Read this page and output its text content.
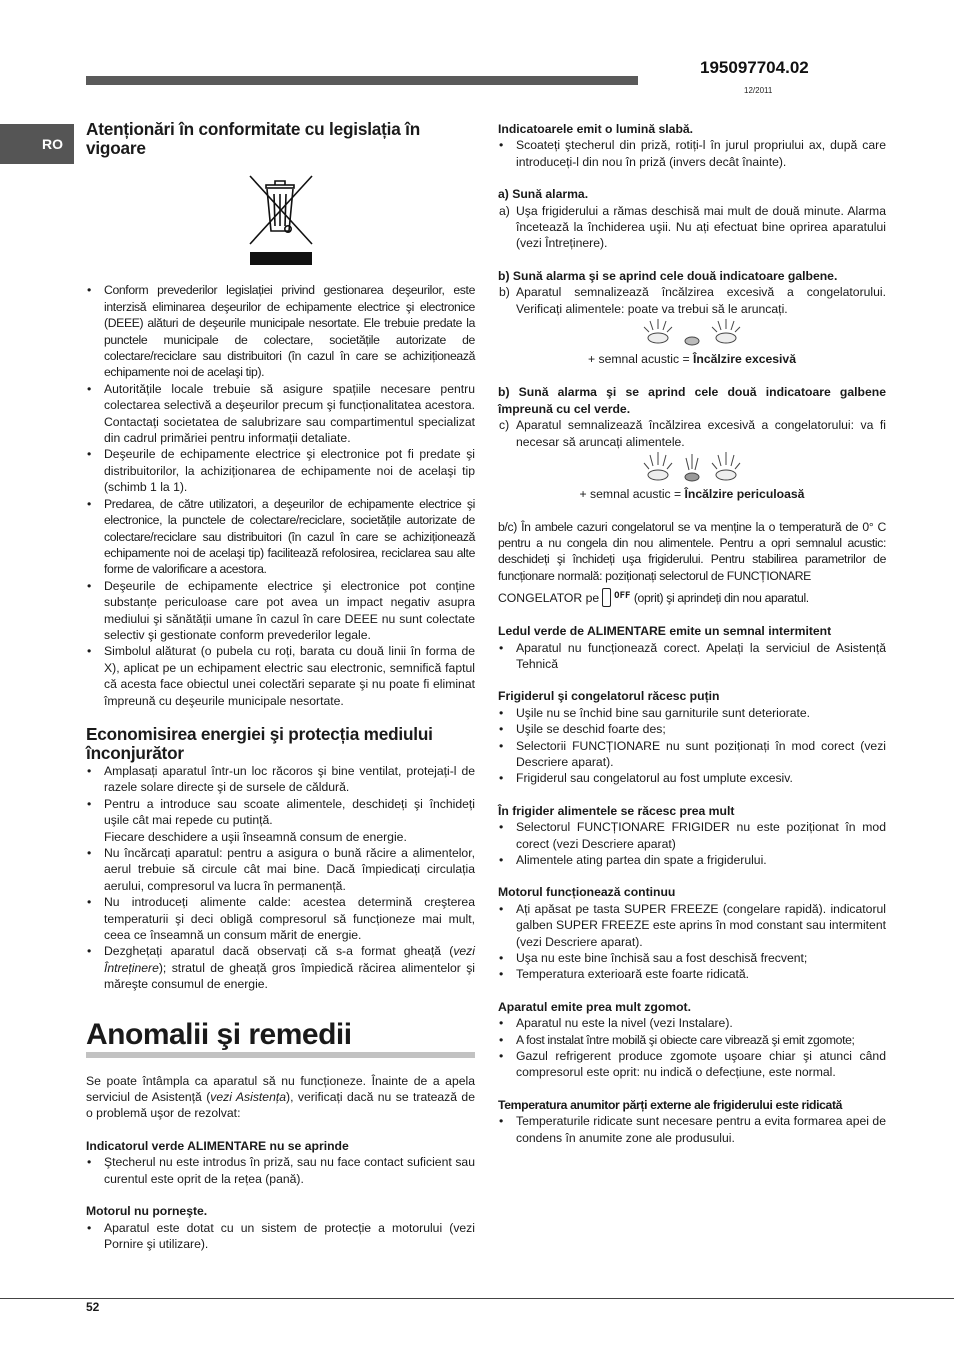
195097704.02
12/2011
RO
Atenționări în conformitate cu legislația în vigoare
• Conform prevederilor legislației privind gestionarea deşeurilor, este interzisă eliminarea deşeurilor de echipamente electrice şi electronice (DEEE) alături de deşeurile municipale nesortate. Ele trebuie predate la punctele municipale de colectare, societățile autorizate de colectare/reciclare sau distribuitori (în cazul în care se achiziționează echipamente noi de acelaşi tip).
• Autoritățile locale trebuie să asigure spațiile necesare pentru colectarea selectivă a deşeurilor precum şi funcționalitatea acestora. Contactați societatea de salubrizare sau compartimentul specializat din cadrul primăriei pentru informații detaliate.
• Deşeurile de echipamente electrice şi electronice pot fi predate şi distribuitorilor, la achiziționarea de echipamente noi de acelaşi tip (schimb 1 la 1).
• Predarea, de către utilizatori, a deşeurilor de echipamente electrice şi electronice, la punctele de colectare/reciclare, societățile autorizate de colectare/reciclare sau distribuitori (în cazul în care se achiziționează echipamente noi de acelaşi tip) facilitează refolosirea, reciclarea sau alte forme de valorificare a acestora.
• Deşeurile de echipamente electrice şi electronice pot conține substanțe periculoase care pot avea un impact negativ asupra mediului şi sănătății umane în cazul în care DEEE nu sunt colectate selectiv şi gestionate conform prevederilor legale.
• Simbolul alăturat (o pubela cu roți, barata cu două linii în forma de X), aplicat pe un echipament electric sau electronic, semnifică faptul că acesta face obiectul unei colectări separate şi nu poate fi eliminat împreună cu deşeurile municipale nesortate.
Economisirea energiei şi protecția mediului înconjurător
• Amplasați aparatul într-un loc răcoros şi bine ventilat, protejați-l de razele solare directe şi de sursele de căldură.
• Pentru a introduce sau scoate alimentele, deschideți şi închideți uşile cât mai repede cu putință.
Fiecare deschidere a uşii înseamnă consum de energie.
• Nu încărcați aparatul: pentru a asigura o bună răcire a alimentelor, aerul trebuie să circule cât mai bine. Dacă împiedicați circulația aerului, compresorul va lucra în permanență.
• Nu introduceți alimente calde: acestea determină creşterea temperaturii şi deci obligă compresorul să funcționeze mai mult, ceea ce înseamnă un consum mărit de energie.
• Dezghețați aparatul dacă observați că s-a format gheață (vezi Întreținere); stratul de gheață gros împiedică răcirea alimentelor şi măreşte consumul de energie.
Anomalii şi remedii

Se poate întâmpla ca aparatul să nu funcționeze. Înainte de a apela serviciul de Asistență (vezi Asistența), verificați dacă nu se tratează de o problemă uşor de rezolvat:

Indicatorul verde ALIMENTARE nu se aprinde

• Ştecherul nu este introdus în priză, sau nu face contact suficient sau curentul este oprit de la rețea (pană).

Motorul nu porneşte.

• Aparatul este dotat cu un sistem de protecție a motorului (vezi Pornire şi utilizare).

Indicatoarele emit o lumină slabă.

• Scoateți ştecherul din priză, rotiți-l în jurul propriului ax, după care introduceți-l din nou în priză (invers decât înainte).

a) Sună alarma.

a) Uşa frigiderului a rămas deschisă mai mult de două minute. Alarma încetează la închiderea uşii. Nu ați efectuat bine oprirea aparatului (vezi Întreținere).

b) Sună alarma şi se aprind cele două indicatoare galbene.

b) Aparatul semnalizează încălzirea excesivă a congelatorului. Verificați alimentele: poate va trebui să le aruncați.

+ semnal acustic = Încălzire excesivă

b) Sună alarma şi se aprind cele două indicatoare galbene împreună cu cel verde.

c) Aparatul semnalizează încălzirea excesivă a congelatorului: va fi necesar să aruncați alimentele.

+ semnal acustic = Încălzire periculoasă

b/c) În ambele cazuri congelatorul se va menține la o temperatură de 0° C pentru a nu congela din nou alimentele. Pentru a opri semnalul acustic: deschideți şi închideți uşa frigiderului. Pentru stabilirea parametrilor de funcționare normală: poziționați selectorul de FUNCȚIONARE

CONGELATOR pe $^{OFF}$ (oprit) şi aprindeți din nou aparatul.

Ledul verde de ALIMENTARE emite un semnal intermitent

• Aparatul nu funcționează corect. Apelați la serviciul de Asistență Tehnică

Frigiderul şi congelatorul răcesc puțin

• Uşile nu se închid bine sau garniturile sunt deteriorate.
• Uşile se deschid foarte des;
• Selectorii FUNCȚIONARE nu sunt poziționați în mod corect (vezi Descriere aparat).
• Frigiderul sau congelatorul au fost umplute excesiv.

În frigider alimentele se răcesc prea mult

• Selectorul FUNCȚIONARE FRIGIDER nu este poziționat în mod corect (vezi Descriere aparat)
• Alimentele ating partea din spate a frigiderului.

Motorul funcționează continuu

• Ați apăsat pe tasta SUPER FREEZE (congelare rapidă). indicatorul galben SUPER FREEZE este aprins în mod constant sau intermitent (vezi Descriere aparat).
• Uşa nu este bine închisă sau a fost deschisă frecvent;
• Temperatura exterioară este foarte ridicată.

Aparatul emite prea mult zgomot.

• Aparatul nu este la nivel (vezi Instalare).
• A fost instalat între mobilă şi obiecte care vibrează şi emit zgomote;
• Gazul refrigerent produce zgomote uşoare chiar şi atunci când compresorul este oprit: nu indică o defecțiune, este normal.

Temperatura anumitor părți externe ale frigiderului este ridicată

• Temperaturile ridicate sunt necesare pentru a evita formarea apei de condens în anumite zone ale produsului.
52
